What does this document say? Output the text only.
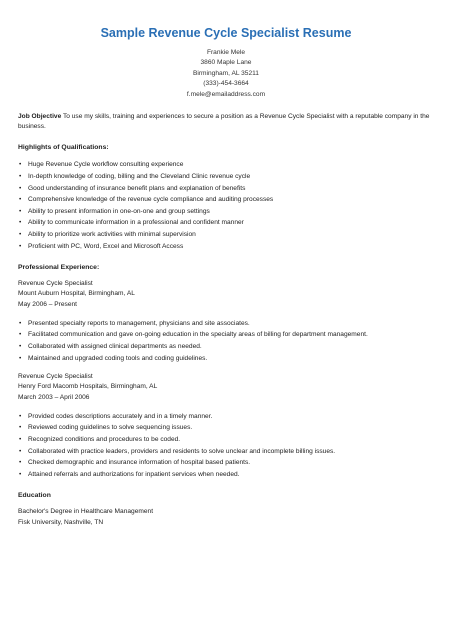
Sample Revenue Cycle Specialist Resume
Frankie Mele
3860 Maple Lane
Birmingham, AL 35211
(333)-454-3664
f.mele@emailaddress.com
Job Objective To use my skills, training and experiences to secure a position as a Revenue Cycle Specialist with a reputable company in the business.
Highlights of Qualifications:
• Huge Revenue Cycle workflow consulting experience
• In-depth knowledge of coding, billing and the Cleveland Clinic revenue cycle
• Good understanding of insurance benefit plans and explanation of benefits
• Comprehensive knowledge of the revenue cycle compliance and auditing processes
• Ability to present information in one-on-one and group settings
• Ability to communicate information in a professional and confident manner
• Ability to prioritize work activities with minimal supervision
• Proficient with PC, Word, Excel and Microsoft Access
Professional Experience:
Revenue Cycle Specialist
Mount Auburn Hospital, Birmingham, AL
May 2006 – Present
• Presented specialty reports to management, physicians and site associates.
• Facilitated communication and gave on-going education in the specialty areas of billing for department management.
• Collaborated with assigned clinical departments as needed.
• Maintained and upgraded coding tools and coding guidelines.
Revenue Cycle Specialist
Henry Ford Macomb Hospitals, Birmingham, AL
March 2003 – April 2006
• Provided codes descriptions accurately and in a timely manner.
• Reviewed coding guidelines to solve sequencing issues.
• Recognized conditions and procedures to be coded.
• Collaborated with practice leaders, providers and residents to solve unclear and incomplete billing issues.
• Checked demographic and insurance information of hospital based patients.
• Attained referrals and authorizations for inpatient services when needed.
Education
Bachelor's Degree in Healthcare Management
Fisk University, Nashville, TN
